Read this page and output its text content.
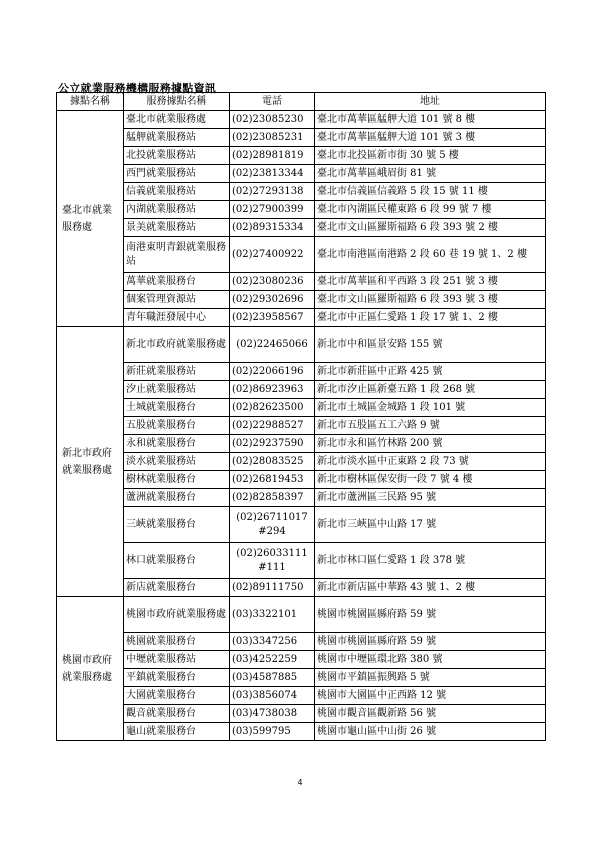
公立就業服務機構服務據點資訊
據點名稱	服務據點名稱	電話	地址
臺北市就業服務處	臺北市就業服務處	(02)23085230	臺北市萬華區艋舺大道 101 號 8 樓
	艋舺就業服務站	(02)23085231	臺北市萬華區艋舺大道 101 號 3 樓
	北投就業服務站	(02)28981819	臺北市北投區新市街 30 號 5 樓
	西門就業服務站	(02)23813344	臺北市萬華區峨眉街 81 號
	信義就業服務站	(02)27293138	臺北市信義區信義路 5 段 15 號 11 樓
	內湖就業服務站	(02)27900399	臺北市內湖區民權東路 6 段 99 號 7 樓
	景美就業服務站	(02)89315334	臺北市文山區羅斯福路 6 段 393 號 2 樓
	南港東明青銀就業服務站	(02)27400922	臺北市南港區南港路 2 段 60 巷 19 號 1、2 樓
	萬華就業服務台	(02)23080236	臺北市萬華區和平西路 3 段 251 號 3 樓
	個案管理資源站	(02)29302696	臺北市文山區羅斯福路 6 段 393 號 3 樓
	青年職涯發展中心	(02)23958567	臺北市中正區仁愛路 1 段 17 號 1、2 樓
新北市政府就業服務處	新北市政府就業服務處	(02)22465066	新北市中和區景安路 155 號
	新莊就業服務站	(02)22066196	新北市新莊區中正路 425 號
	汐止就業服務站	(02)86923963	新北市汐止區新臺五路 1 段 268 號
	土城就業服務台	(02)82623500	新北市土城區金城路 1 段 101 號
	五股就業服務台	(02)22988527	新北市五股區五工六路 9 號
	永和就業服務台	(02)29237590	新北市永和區竹林路 200 號
	淡水就業服務站	(02)28083525	新北市淡水區中正東路 2 段 73 號
	樹林就業服務台	(02)26819453	新北市樹林區保安街一段 7 號 4 樓
	蘆洲就業服務台	(02)82858397	新北市蘆洲區三民路 95 號
	三峽就業服務台	(02)26711017 #294	新北市三峽區中山路 17 號
	林口就業服務台	(02)26033111 #111	新北市林口區仁愛路 1 段 378 號
	新店就業服務台	(02)89111750	新北市新店區中華路 43 號 1、2 樓
桃園市政府就業服務處	桃園市政府就業服務處	(03)3322101	桃園市桃園區縣府路 59 號
	桃園就業服務台	(03)3347256	桃園市桃園區縣府路 59 號
	中壢就業服務站	(03)4252259	桃園市中壢區環北路 380 號
	平鎮就業服務台	(03)4587885	桃園市平鎮區振興路 5 號
	大園就業服務台	(03)3856074	桃園市大園區中正西路 12 號
	觀音就業服務台	(03)4738038	桃園市觀音區觀新路 56 號
	龜山就業服務台	(03)599795	桃園市龜山區中山街 26 號
4
